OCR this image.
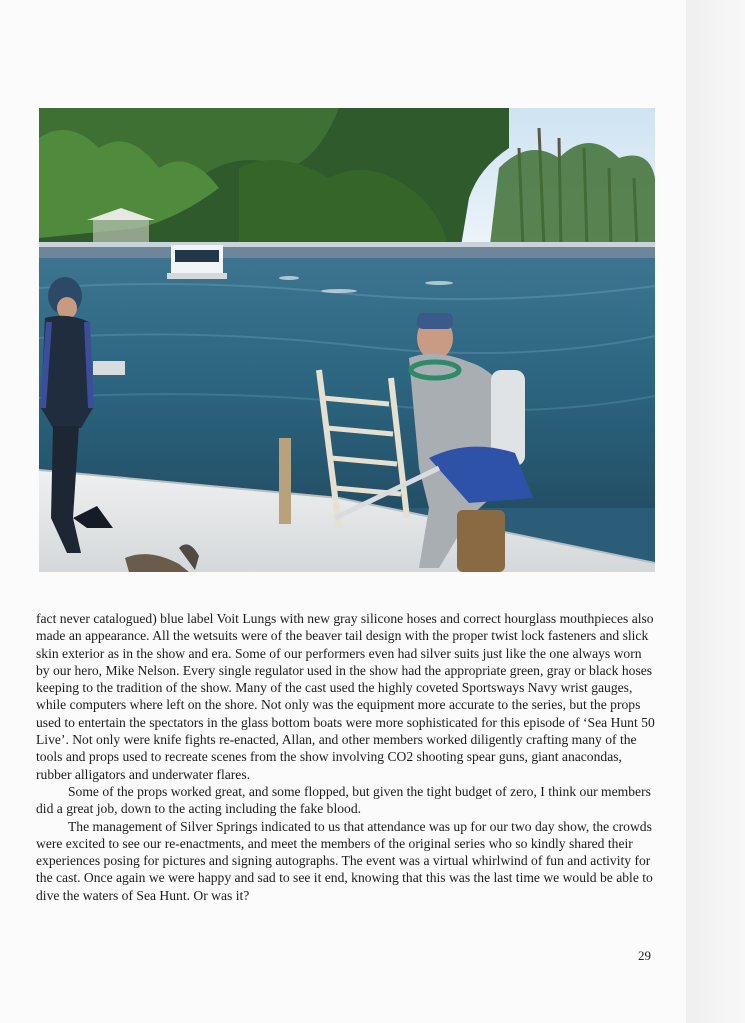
fact never catalogued) blue label Voit Lungs with new gray silicone hoses and correct hourglass mouthpieces also made an appearance. All the wetsuits were of the beaver tail design with the proper twist lock fasteners and slick skin exterior as in the show and era. Some of our performers even had silver suits just like the one always worn by our hero, Mike Nelson. Every single regulator used in the show had the appropriate green, gray or black hoses keeping to the tradition of the show. Many of the cast used the highly coveted Sportsways Navy wrist gauges, while computers where left on the shore. Not only was the equipment more accurate to the series, but the props used to entertain the spectators in the glass bottom boats were more sophisticated for this episode of ‘Sea Hunt 50 Live’. Not only were knife fights re-enacted, Allan, and other members worked diligently crafting many of the tools and props used to recreate scenes from the show involving CO2 shooting spear guns, giant anacondas, rubber alligators and underwater flares.

Some of the props worked great, and some flopped, but given the tight budget of zero, I think our members did a great job, down to the acting including the fake blood.

The management of Silver Springs indicated to us that attendance was up for our two day show, the crowds were excited to see our re-enactments, and meet the members of the original series who so kindly shared their experiences posing for pictures and signing autographs. The event was a virtual whirlwind of fun and activity for the cast. Once again we were happy and sad to see it end, knowing that this was the last time we would be able to dive the waters of Sea Hunt. Or was it?

29
